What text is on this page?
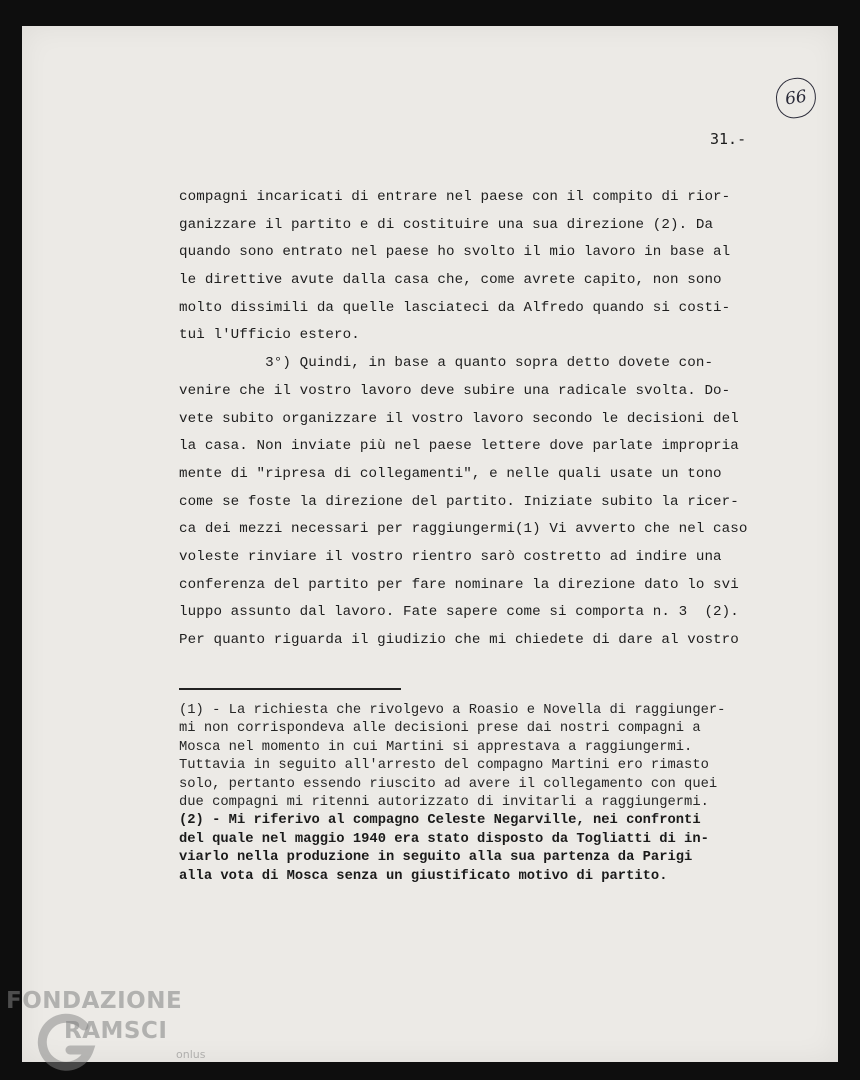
66
31.-
compagni incaricati di entrare nel paese con il compito di rior-
ganizzare il partito e di costituire una sua direzione (2). Da
quando sono entrato nel paese ho svolto il mio lavoro in base al
le direttive avute dalla casa che, come avrete capito, non sono
molto dissimili da quelle lasciateci da Alfredo quando si costi-
tuì l'Ufficio estero.
3°) Quindi, in base a quanto sopra detto dovete con-
venire che il vostro lavoro deve subire una radicale svolta. Do-
vete subito organizzare il vostro lavoro secondo le decisioni del
la casa. Non inviate più nel paese lettere dove parlate impropria
mente di "ripresa di collegamenti", e nelle quali usate un tono
come se foste la direzione del partito. Iniziate subito la ricer-
ca dei mezzi necessari per raggiungermi(1) Vi avverto che nel caso
voleste rinviare il vostro rientro sarò costretto ad indire una
conferenza del partito per fare nominare la direzione dato lo svi
luppo assunto dal lavoro. Fate sapere come si comporta n. 3  (2).
Per quanto riguarda il giudizio che mi chiedete di dare al vostro
(1) - La richiesta che rivolgevo a Roasio e Novella di raggiunger-
mi non corrispondeva alle decisioni prese dai nostri compagni a
Mosca nel momento in cui Martini si apprestava a raggiungermi.
Tuttavia in seguito all'arresto del compagno Martini ero rimasto
solo, pertanto essendo riuscito ad avere il collegamento con quei
due compagni mi ritenni autorizzato di invitarli a raggiungermi.
(2) - Mi riferivo al compagno Celeste Negarville, nei confronti
del quale nel maggio 1940 era stato disposto da Togliatti di in-
viarlo nella produzione in seguito alla sua partenza da Parigi
alla vota di Mosca senza un giustificato motivo di partito.
FONDAZIONE
RAMSCI
onlus
